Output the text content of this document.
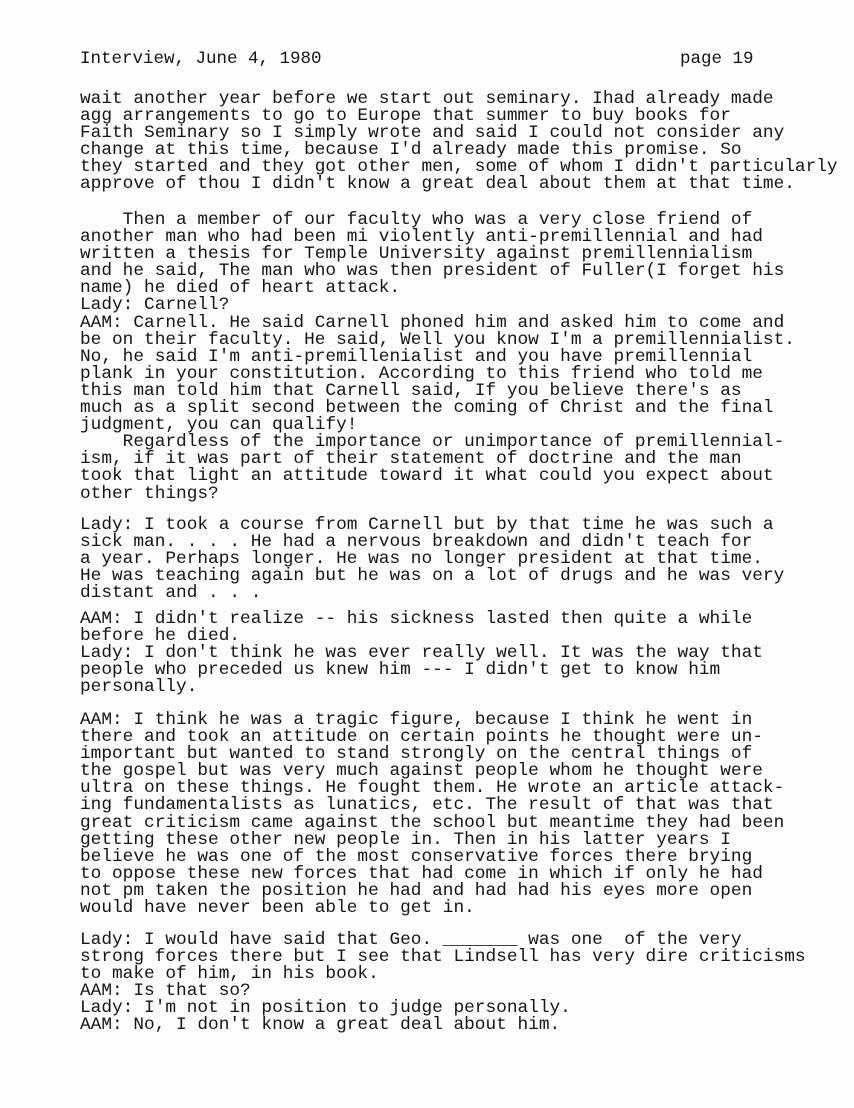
Interview, June 4, 1980	page 19
wait another year before we start out seminary. Ihad already made
agg arrangements to go to Europe that summer to buy books for
Faith Seminary so I simply wrote and said I could not consider any
change at this time, because I'd already made this promise. So
they started and they got other men, some of whom I didn't particularly
approve of thou I didn't know a great deal about them at that time.
Then a member of our faculty who was a very close friend of
another man who had been mi violently anti-premillennial and had
written a thesis for Temple University against premillennialism
and he said, The man who was then president of Fuller(I forget his
name) he died of heart attack.
Lady: Carnell?
AAM: Carnell. He said Carnell phoned him and asked him to come and
be on their faculty. He said, Well you know I'm a premillennialist.
No, he said I'm anti-premillenialist and you have premillennial
plank in your constitution. According to this friend who told me
this man told him that Carnell said, If you believe there's as
much as a split second between the coming of Christ and the final
judgment, you can qualify!
Regardless of the importance or unimportance of premillennial-
ism, if it was part of their statement of doctrine and the man
took that light an attitude toward it what could you expect about
other things?
Lady: I took a course from Carnell but by that time he was such a
sick man. . . . He had a nervous breakdown and didn't teach for
a year. Perhaps longer. He was no longer president at that time.
He was teaching again but he was on a lot of drugs and he was very
distant and . . .
AAM: I didn't realize -- his sickness lasted then quite a while
before he died.
Lady: I don't think he was ever really well. It was the way that
people who preceded us knew him --- I didn't get to know him
personally.
AAM: I think he was a tragic figure, because I think he went in
there and took an attitude on certain points he thought were un-
important but wanted to stand strongly on the central things of
the gospel but was very much against people whom he thought were
ultra on these things. He fought them. He wrote an article attack-
ing fundamentalists as lunatics, etc. The result of that was that
great criticism came against the school but meantime they had been
getting these other new people in. Then in his latter years I
believe he was one of the most conservative forces there brying
to oppose these new forces that had come in which if only he had
not pm taken the position he had and had had his eyes more open
would have never been able to get in.
Lady: I would have said that Geo. _______ was one  of the very
strong forces there but I see that Lindsell has very dire criticisms
to make of him, in his book.
AAM: Is that so?
Lady: I'm not in position to judge personally.
AAM: No, I don't know a great deal about him.
